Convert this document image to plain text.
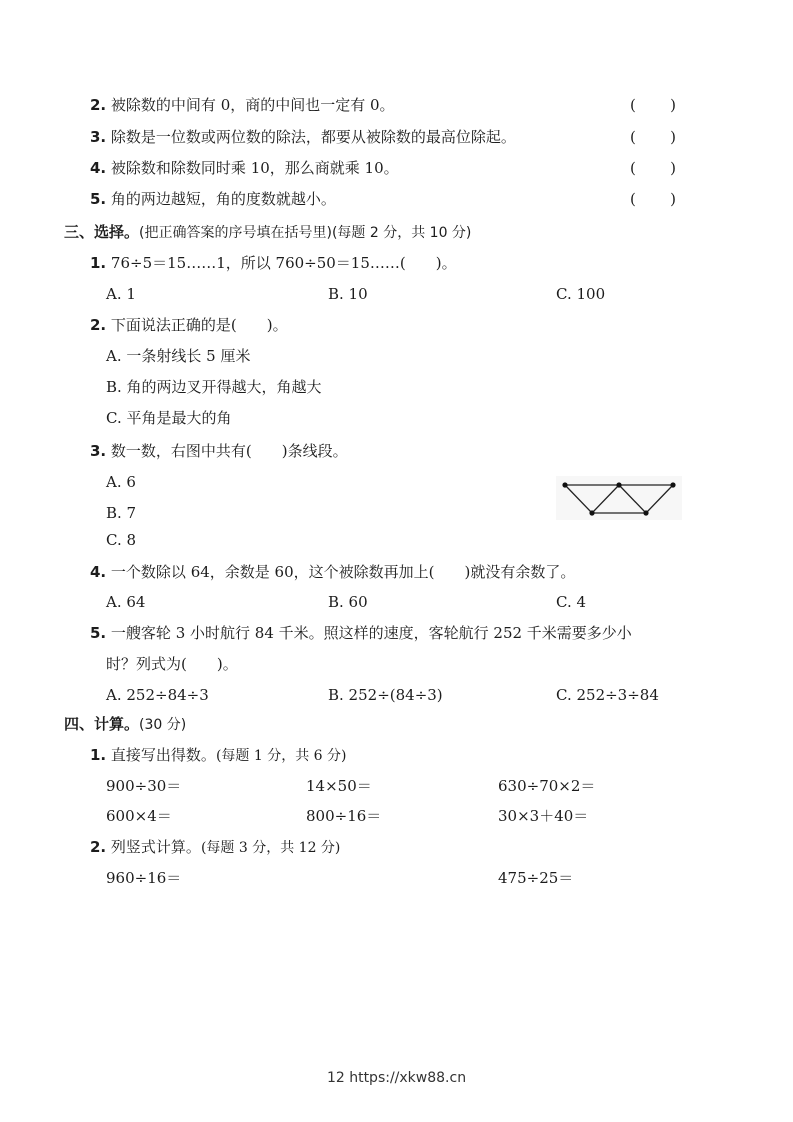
2. 被除数的中间有 0，商的中间也一定有 0。	( )
3. 除数是一位数或两位数的除法，都要从被除数的最高位除起。	( )
4. 被除数和除数同时乘 10，那么商就乘 10。	( )
5. 角的两边越短，角的度数就越小。	( )
三、选择。(把正确答案的序号填在括号里)(每题 2 分，共 10 分)
1. 76÷5＝15……1，所以 760÷50＝15……(　　)。
A. 1	B. 10	C. 100
2. 下面说法正确的是(　　)。
A. 一条射线长 5 厘米
B. 角的两边叉开得越大，角越大
C. 平角是最大的角
3. 数一数，右图中共有(　　)条线段。
A. 6
B. 7
C. 8
4. 一个数除以 64，余数是 60，这个被除数再加上(　　)就没有余数了。
A. 64	B. 60	C. 4
5. 一艘客轮 3 小时航行 84 千米。照这样的速度，客轮航行 252 千米需要多少小
时？列式为(　　)。
A. 252÷84÷3	B. 252÷(84÷3)	C. 252÷3÷84
四、计算。(30 分)
1. 直接写出得数。(每题 1 分，共 6 分)
900÷30＝	14×50＝	630÷70×2＝
600×4＝	800÷16＝	30×3＋40＝
2. 列竖式计算。(每题 3 分，共 12 分)
960÷16＝	475÷25＝
12 https://xkw88.cn
